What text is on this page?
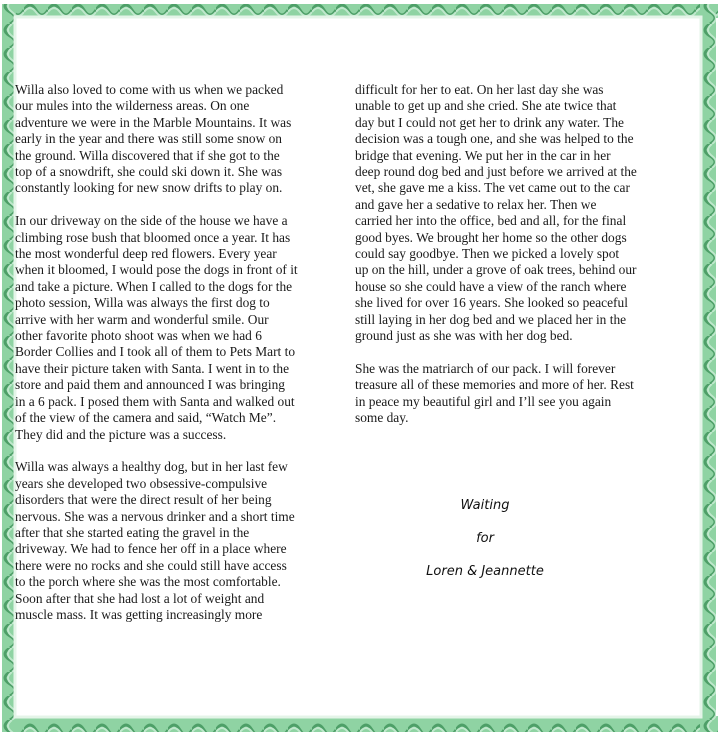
Willa also loved to come with us when we packed
our mules into the wilderness areas. On one
adventure we were in the Marble Mountains. It was
early in the year and there was still some snow on
the ground. Willa discovered that if she got to the
top of a snowdrift, she could ski down it. She was
constantly looking for new snow drifts to play on.

In our driveway on the side of the house we have a
climbing rose bush that bloomed once a year. It has
the most wonderful deep red flowers. Every year
when it bloomed, I would pose the dogs in front of it
and take a picture. When I called to the dogs for the
photo session, Willa was always the first dog to
arrive with her warm and wonderful smile. Our
other favorite photo shoot was when we had 6
Border Collies and I took all of them to Pets Mart to
have their picture taken with Santa. I went in to the
store and paid them and announced I was bringing
in a 6 pack. I posed them with Santa and walked out
of the view of the camera and said, “Watch Me”.
They did and the picture was a success.

Willa was always a healthy dog, but in her last few
years she developed two obsessive-compulsive
disorders that were the direct result of her being
nervous. She was a nervous drinker and a short time
after that she started eating the gravel in the
driveway. We had to fence her off in a place where
there were no rocks and she could still have access
to the porch where she was the most comfortable.
Soon after that she had lost a lot of weight and
muscle mass. It was getting increasingly more

difficult for her to eat. On her last day she was
unable to get up and she cried. She ate twice that
day but I could not get her to drink any water. The
decision was a tough one, and she was helped to the
bridge that evening. We put her in the car in her
deep round dog bed and just before we arrived at the
vet, she gave me a kiss. The vet came out to the car
and gave her a sedative to relax her. Then we
carried her into the office, bed and all, for the final
good byes. We brought her home so the other dogs
could say goodbye. Then we picked a lovely spot
up on the hill, under a grove of oak trees, behind our
house so she could have a view of the ranch where
she lived for over 16 years. She looked so peaceful
still laying in her dog bed and we placed her in the
ground just as she was with her dog bed.

She was the matriarch of our pack. I will forever
treasure all of these memories and more of her. Rest
in peace my beautiful girl and I’ll see you again
some day.

Waiting
for
Loren & Jeannette
